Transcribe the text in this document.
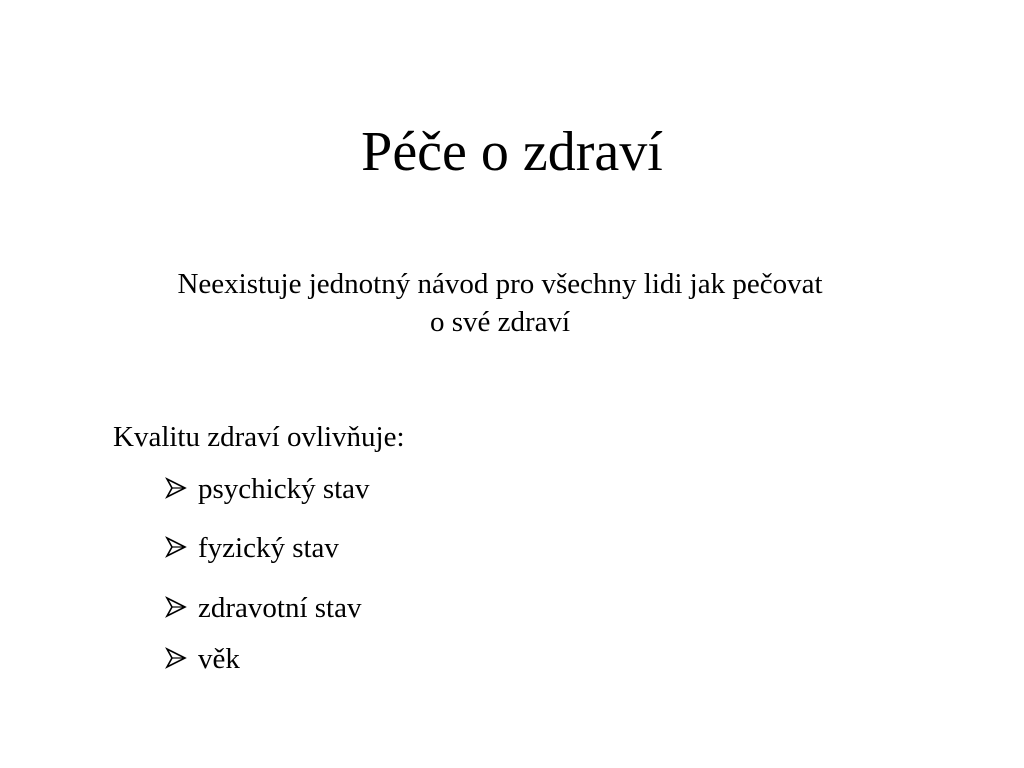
Péče o zdraví
Neexistuje jednotný návod pro všechny lidi jak pečovat
o své zdraví
Kvalitu zdraví ovlivňuje:
psychický stav
fyzický stav
zdravotní stav
věk
